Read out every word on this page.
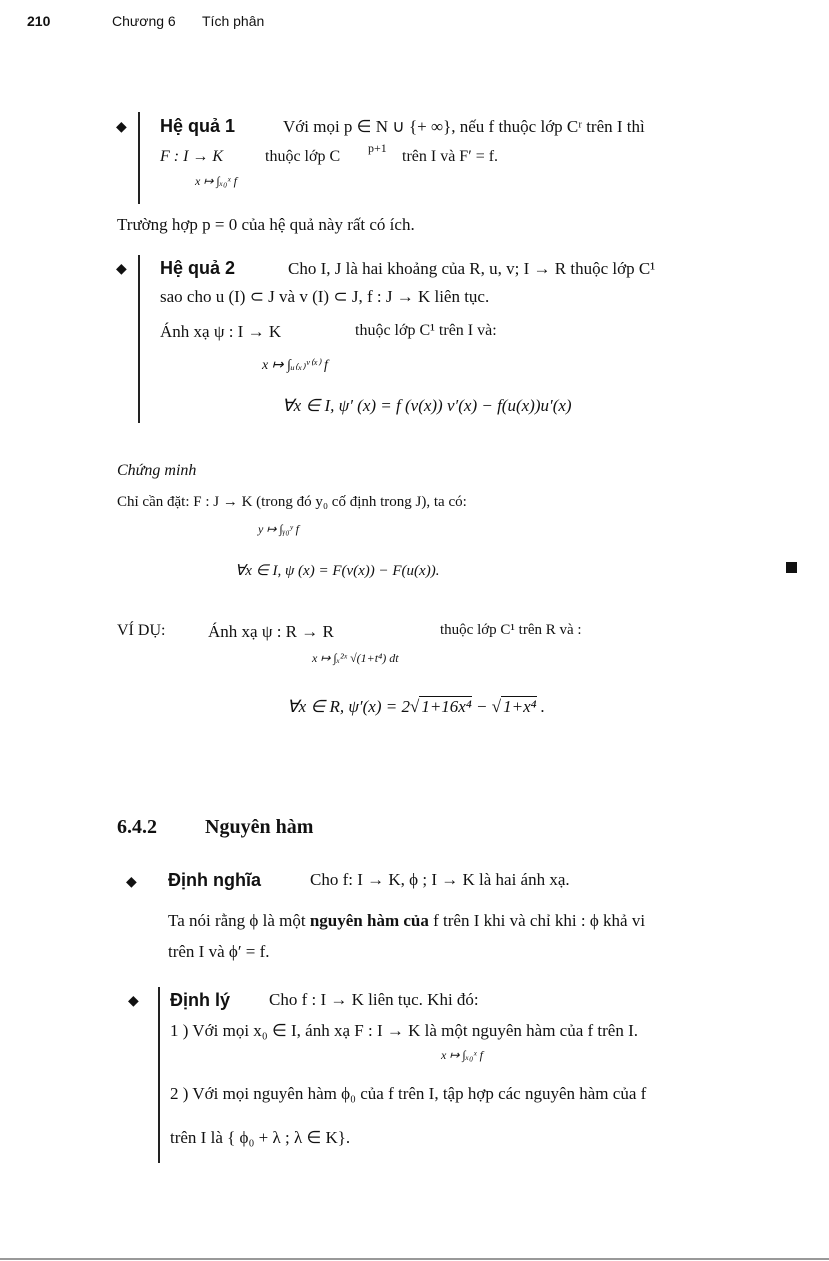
210	Chương 6 Tích phân
◆ Hệ quả 1	Với mọi p ∈ N ∪ {+ ∞}, nếu f thuộc lớp Cʳ trên I thì
F : I → K	thuộc lớp C p+1 trên I và F′ = f.
x ↦ ∫ₓ₀ˣ f
Trường hợp p = 0 của hệ quả này rất có ích.
◆ Hệ quả 2	Cho I, J là hai khoảng của R, u, v; I → R thuộc lớp C¹
sao cho u (I) ⊂ J và v (I) ⊂ J, f : J → K liên tục.
Ánh xạ ψ : I → K	thuộc lớp C¹ trên I và:
x ↦ ∫ᵤ₍ₓ₎ᵛ⁽ˣ⁾ f
∀x ∈ I, ψ′ (x) = f (v(x)) v′(x) − f(u(x))u′(x)
Chứng minh
Chỉ cần đặt: F : J → K (trong đó y₀ cố định trong J), ta có:
y ↦ ∫ᵧ₀ʸ f
∀x ∈ I, ψ (x) = F(v(x)) − F(u(x)).
VÍ DỤ:	Ánh xạ ψ : R → R	thuộc lớp C¹ trên R và :
x ↦ ∫ₓ²ˣ √(1+t⁴) dt
∀x ∈ R, ψ′(x) = 2√ 1+16x⁴ − √ 1+x⁴ .
6.4.2 Nguyên hàm
◆ Định nghĩa	Cho f: I → K, ϕ ; I → K là hai ánh xạ.
Ta nói rằng ϕ là một nguyên hàm của f trên I khi và chỉ khi : ϕ khả vi
trên I và ϕ′ = f.
◆ Định lý Cho f : I → K liên tục. Khi đó:
1 ) Với mọi x₀ ∈ I, ánh xạ F : I → K là một nguyên hàm của f trên I.
x ↦ ∫ₓ₀ˣ f
2 ) Với mọi nguyên hàm ϕ₀ của f trên I, tập hợp các nguyên hàm của f
trên I là { ϕ₀ + λ ; λ ∈ K}.
